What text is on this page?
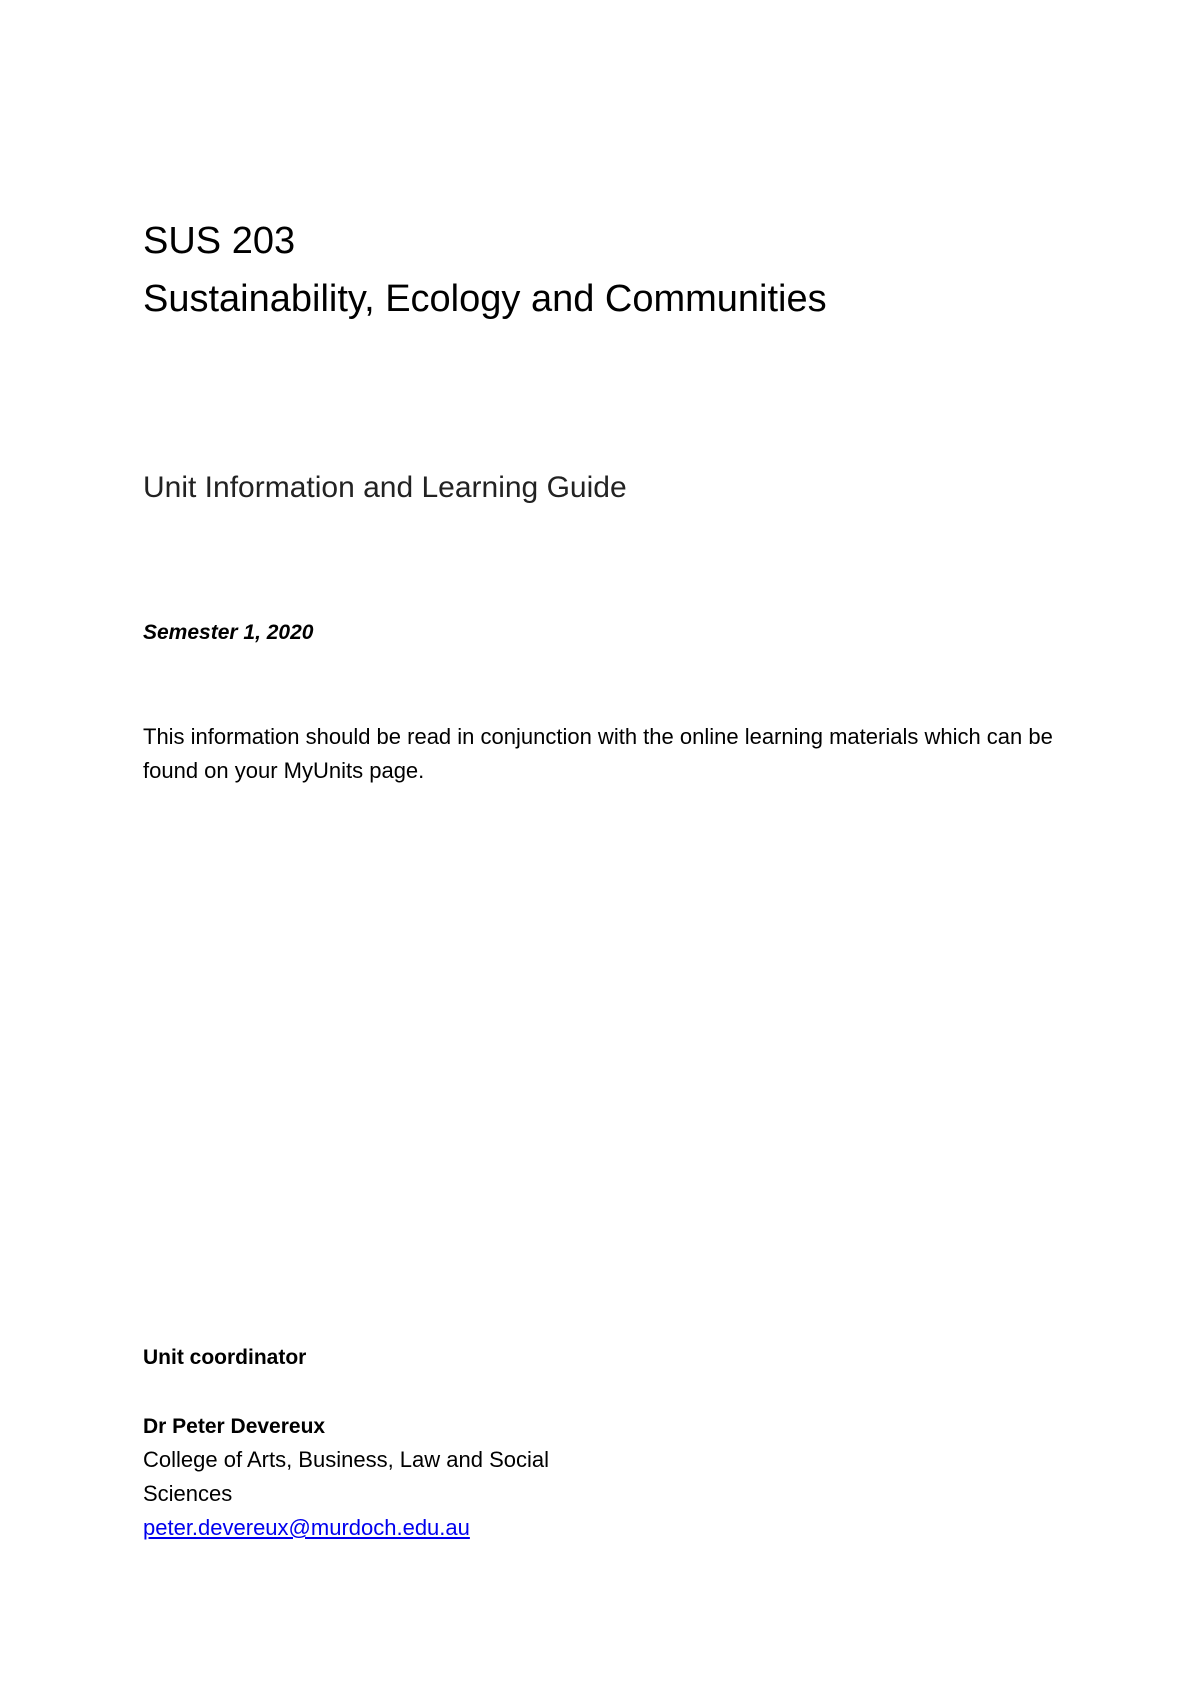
SUS 203
Sustainability, Ecology and Communities
Unit Information and Learning Guide
Semester 1, 2020

This information should be read in conjunction with the online learning materials which can be found on your MyUnits page.

Unit coordinator
Dr Peter Devereux
College of Arts, Business, Law and Social Sciences
peter.devereux@murdoch.edu.au
